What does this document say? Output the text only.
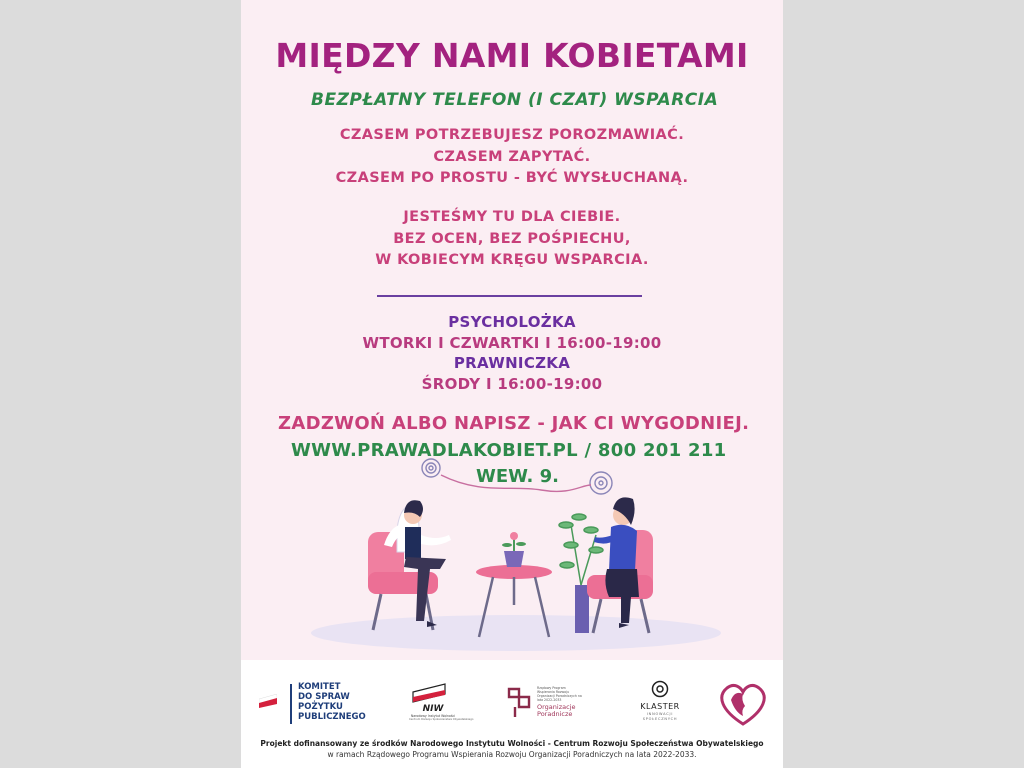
MIĘDZY NAMI KOBIETAMI
BEZPŁATNY TELEFON (I CZAT) WSPARCIA
CZASEM POTRZEBUJESZ POROZMAWIAĆ.
CZASEM ZAPYTAĆ.
CZASEM PO PROSTU - BYĆ WYSŁUCHANĄ.
JESTEŚMY TU DLA CIEBIE.
BEZ OCEN, BEZ POŚPIECHU,
W KOBIECYM KRĘGU WSPARCIA.
PSYCHOLOŻKA
WTORKI I CZWARTKI I 16:00-19:00
PRAWNICZKA
ŚRODY I 16:00-19:00
ZADZWOŃ ALBO NAPISZ - JAK CI WYGODNIEJ.
WWW.PRAWADLAKOBIET.PL / 800 201 211
WEW. 9.
KOMITET
DO SPRAW
POŻYTKU
PUBLICZNEGO
NIW
Narodowy Instytut Wolności
Centrum Rozwoju Społeczeństwa Obywatelskiego
Rządowy Program Wspierania Rozwoju Organizacji Poradniczych na lata 2022-2033
Organizacje Poradnicze
KLASTER
INNOWACJI
SPOŁECZNYCH
Projekt dofinansowany ze środków Narodowego Instytutu Wolności - Centrum Rozwoju Społeczeństwa Obywatelskiego
w ramach Rządowego Programu Wspierania Rozwoju Organizacji Poradniczych na lata 2022-2033.
